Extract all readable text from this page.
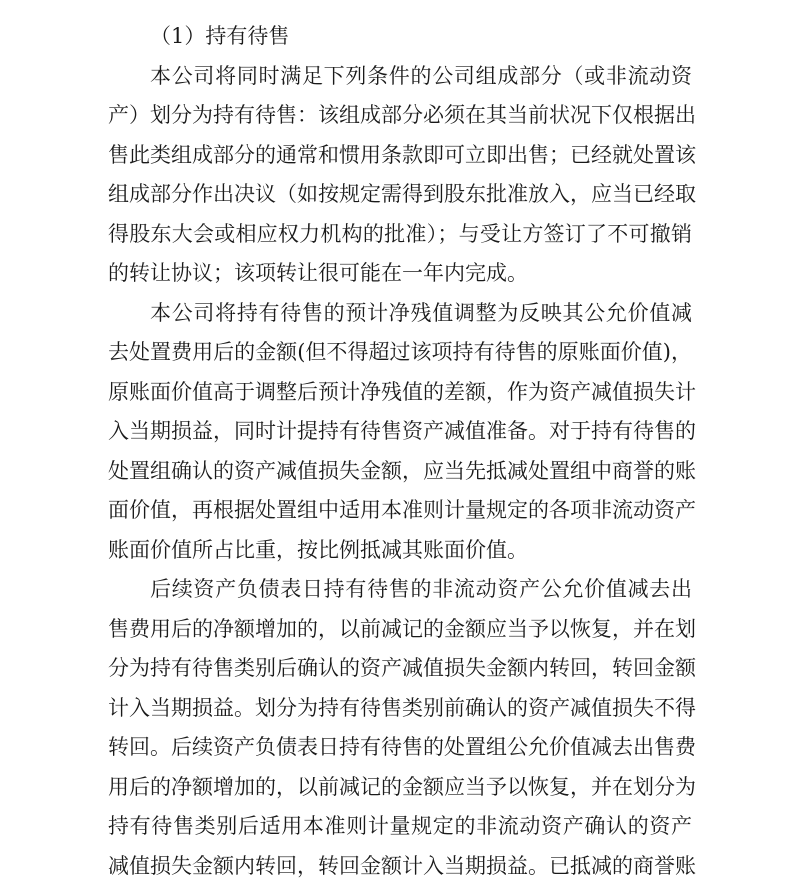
（1）持有待售
本公司将同时满足下列条件的公司组成部分（或非流动资
产）划分为持有待售：该组成部分必须在其当前状况下仅根据出
售此类组成部分的通常和惯用条款即可立即出售；已经就处置该
组成部分作出决议（如按规定需得到股东批准放入，应当已经取
得股东大会或相应权力机构的批准）；与受让方签订了不可撤销
的转让协议；该项转让很可能在一年内完成。
本公司将持有待售的预计净残值调整为反映其公允价值减
去处置费用后的金额(但不得超过该项持有待售的原账面价值)，
原账面价值高于调整后预计净残值的差额，作为资产减值损失计
入当期损益，同时计提持有待售资产减值准备。对于持有待售的
处置组确认的资产减值损失金额，应当先抵减处置组中商誉的账
面价值，再根据处置组中适用本准则计量规定的各项非流动资产
账面价值所占比重，按比例抵减其账面价值。
后续资产负债表日持有待售的非流动资产公允价值减去出
售费用后的净额增加的，以前减记的金额应当予以恢复，并在划
分为持有待售类别后确认的资产减值损失金额内转回，转回金额
计入当期损益。划分为持有待售类别前确认的资产减值损失不得
转回。后续资产负债表日持有待售的处置组公允价值减去出售费
用后的净额增加的，以前减记的金额应当予以恢复，并在划分为
持有待售类别后适用本准则计量规定的非流动资产确认的资产
减值损失金额内转回，转回金额计入当期损益。已抵减的商誉账
